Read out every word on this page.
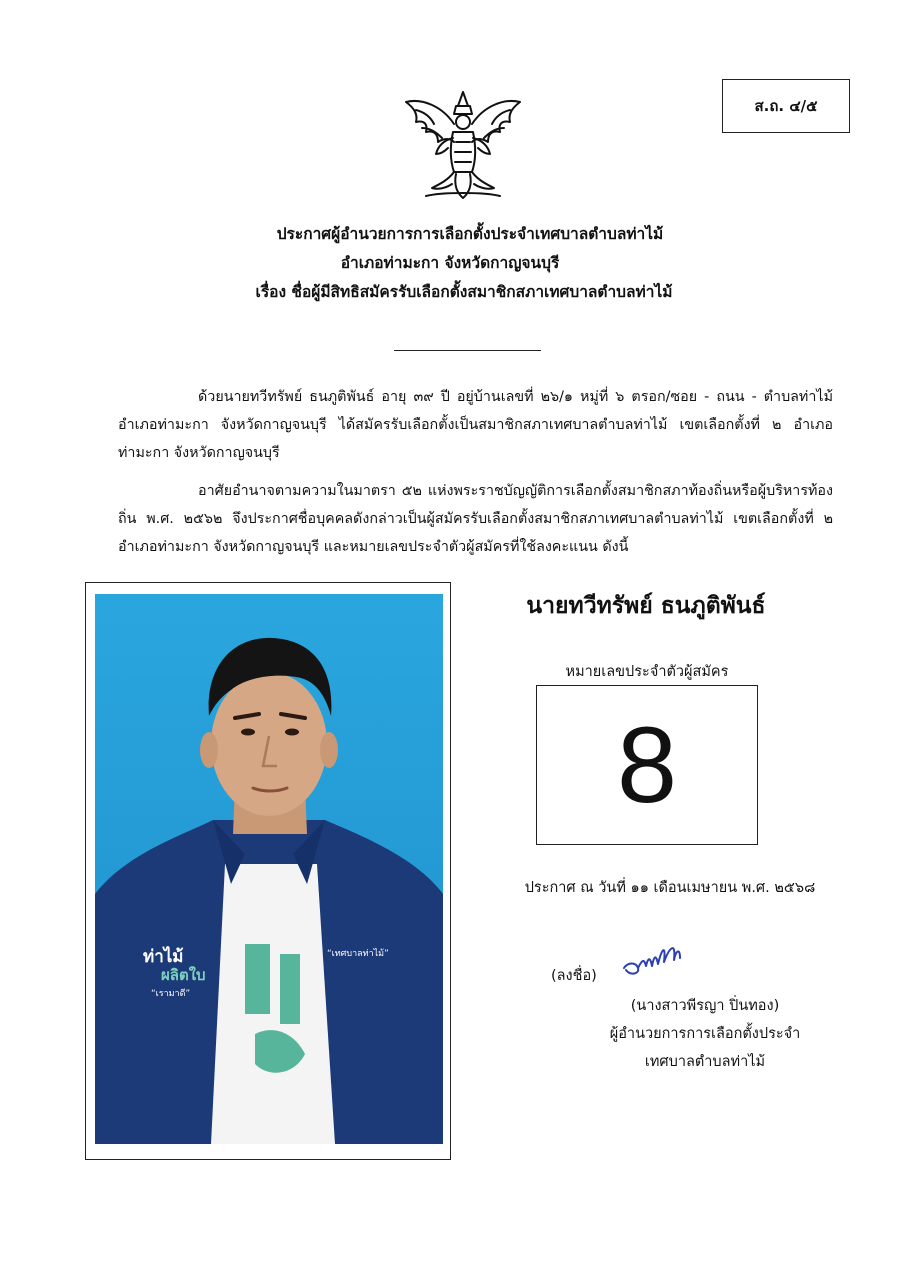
ส.ถ. ๔/๕
ประกาศผู้อำนวยการการเลือกตั้งประจำเทศบาลตำบลท่าไม้
อำเภอท่ามะกา จังหวัดกาญจนบุรี
เรื่อง ชื่อผู้มีสิทธิสมัครรับเลือกตั้งสมาชิกสภาเทศบาลตำบลท่าไม้

ด้วยนายทวีทรัพย์ ธนภูติพันธ์ อายุ ๓๙ ปี อยู่บ้านเลขที่ ๒๖/๑ หมู่ที่ ๖ ตรอก/ซอย - ถนน - ตำบลท่าไม้ อำเภอท่ามะกา จังหวัดกาญจนบุรี ได้สมัครรับเลือกตั้งเป็นสมาชิกสภาเทศบาลตำบลท่าไม้ เขตเลือกตั้งที่ ๒ อำเภอท่ามะกา จังหวัดกาญจนบุรี

อาศัยอำนาจตามความในมาตรา ๕๒ แห่งพระราชบัญญัติการเลือกตั้งสมาชิกสภาท้องถิ่นหรือผู้บริหารท้องถิ่น พ.ศ. ๒๕๖๒ จึงประกาศชื่อบุคคลดังกล่าวเป็นผู้สมัครรับเลือกตั้งสมาชิกสภาเทศบาลตำบลท่าไม้ เขตเลือกตั้งที่ ๒ อำเภอท่ามะกา จังหวัดกาญจนบุรี และหมายเลขประจำตัวผู้สมัครที่ใช้ลงคะแนน ดังนี้

ท่าไม้
ผลิตใบ
“เรามาดี”
“เทศบาลท่าไม้”
นายทวีทรัพย์ ธนภูติพันธ์
หมายเลขประจำตัวผู้สมัคร
8
ประกาศ ณ วันที่ ๑๑ เดือนเมษายน พ.ศ. ๒๕๖๘
(ลงชื่อ)
(นางสาวพีรญา ปิ่นทอง)
ผู้อำนวยการการเลือกตั้งประจำ
เทศบาลตำบลท่าไม้
